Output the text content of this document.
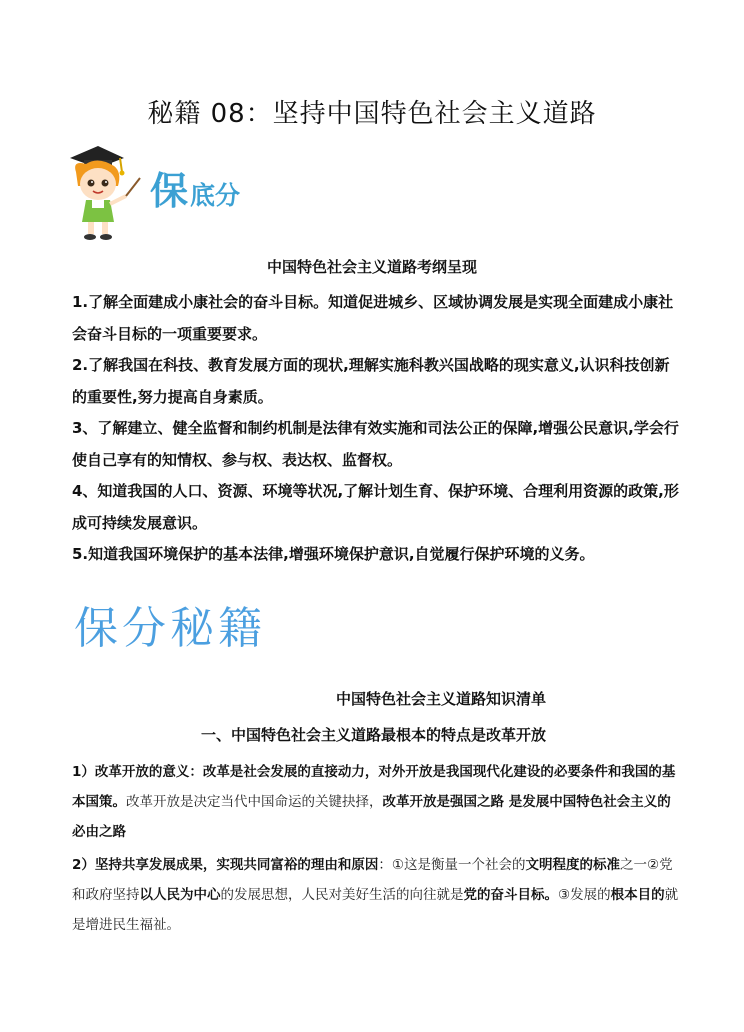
秘籍 08：坚持中国特色社会主义道路
保底分
中国特色社会主义道路考纲呈现
1.了解全面建成小康社会的奋斗目标。知道促进城乡、区域协调发展是实现全面建成小康社会奋斗目标的一项重要要求。
2.了解我国在科技、教育发展方面的现状,理解实施科教兴国战略的现实意义,认识科技创新的重要性,努力提高自身素质。
3、了解建立、健全监督和制约机制是法律有效实施和司法公正的保障,增强公民意识,学会行使自己享有的知情权、参与权、表达权、监督权。
4、知道我国的人口、资源、环境等状况,了解计划生育、保护环境、合理利用资源的政策,形成可持续发展意识。
5.知道我国环境保护的基本法律,增强环境保护意识,自觉履行保护环境的义务。
保分秘籍
中国特色社会主义道路知识清单
一、中国特色社会主义道路最根本的特点是改革开放
1）改革开放的意义：改革是社会发展的直接动力，对外开放是我国现代化建设的必要条件和我国的基本国策。改革开放是决定当代中国命运的关键抉择，改革开放是强国之路 是发展中国特色社会主义的必由之路
2）坚持共享发展成果，实现共同富裕的理由和原因：①这是衡量一个社会的文明程度的标准之一②党和政府坚持以人民为中心的发展思想，人民对美好生活的向往就是党的奋斗目标。③发展的根本目的就是增进民生福祉。
